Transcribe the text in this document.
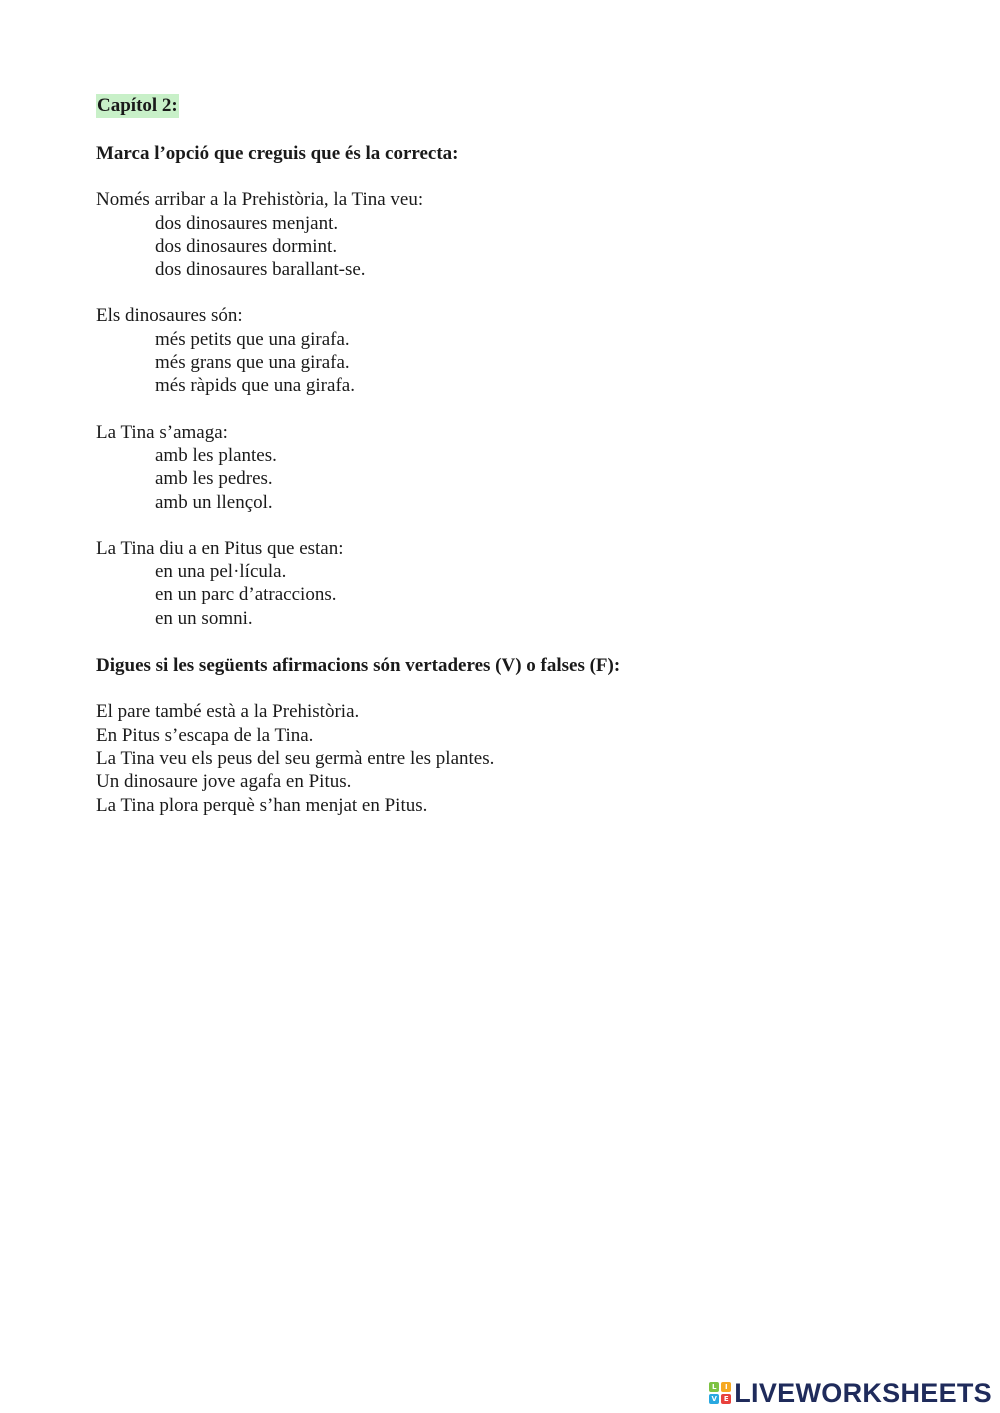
Capítol 2:

Marca l’opció que creguis que és la correcta:

Només arribar a la Prehistòria, la Tina veu:

dos dinosaures menjant.
dos dinosaures dormint.
dos dinosaures barallant-se.

Els dinosaures són:

més petits que una girafa.
més grans que una girafa.
més ràpids que una girafa.

La Tina s’amaga:

amb les plantes.
amb les pedres.
amb un llençol.

La Tina diu a en Pitus que estan:

en una pel·lícula.
en un parc d’atraccions.
en un somni.

Digues si les següents afirmacions són vertaderes (V) o falses (F):

El pare també està a la Prehistòria.
En Pitus s’escapa de la Tina.
La Tina veu els peus del seu germà entre les plantes.
Un dinosaure jove agafa en Pitus.
La Tina plora perquè s’han menjat en Pitus.
L	I
V E LIVEWORKSHEETS
